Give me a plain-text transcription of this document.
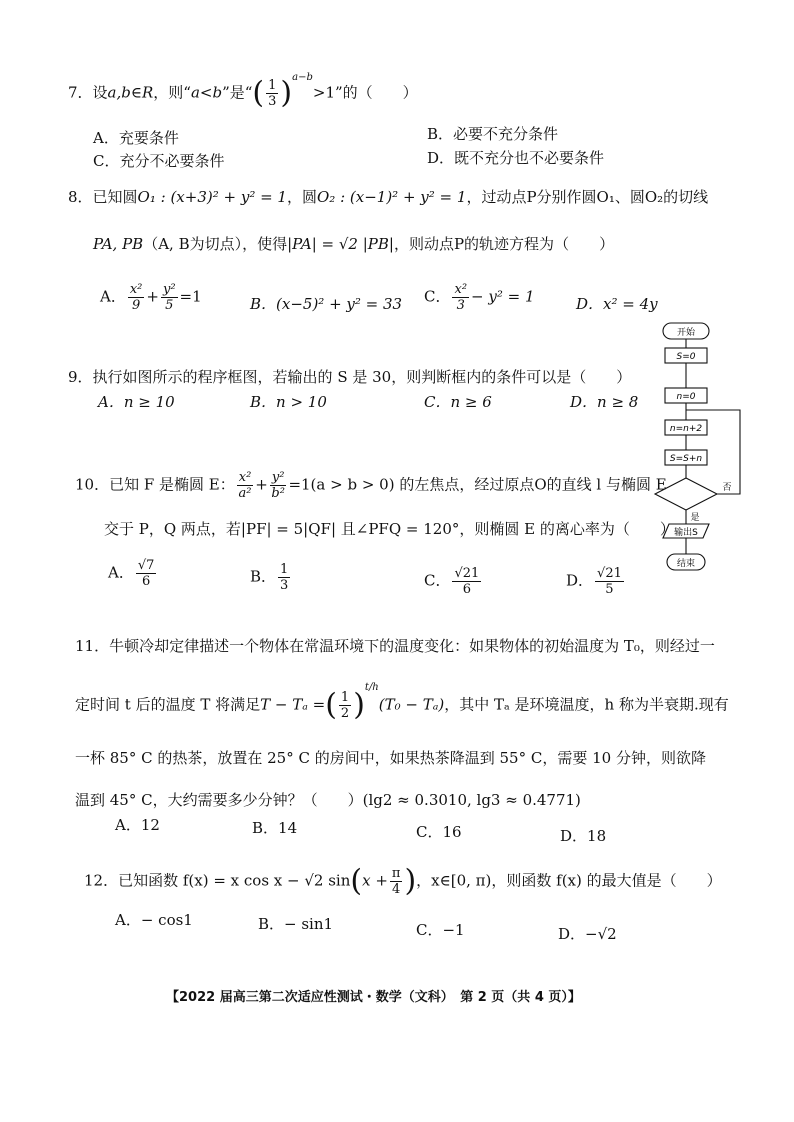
7．设a,b∈R，则“a<b”是“( $\frac{1}{3} )^{a-b}>1$”的（　　）
A．充要条件	B．必要不充分条件
C．充分不必要条件	D．既不充分也不必要条件
8．已知圆O₁ : (x+3)² + y² = 1，圆O₂ : (x−1)² + y² = 1，过动点P分别作圆O₁、圆O₂的切线
PA, PB（A, B为切点），使得|PA| = √2 |PB|，则动点P的轨迹方程为（　　）
A． $\frac{\text{x²}}{9} + \frac{\text{y²}}{5} =1$	B．(x−5)² + y² = 33 C． $\frac{\text{x²}}{3} - y^2 = 1$	D．x² = 4y
9．执行如图所示的程序框图，若输出的 S 是 30，则判断框内的条件可以是（　　）
A．n ≥ 10	B．n > 10	C．n ≥ 6	D．n ≥ 8
开始
S=0
n=0
n=n+2
S=S+n
否
是
输出S
结束
10．已知 F 是椭圆 E： $\frac{\text{x²}}{\text{a²}} + \frac{\text{y²}}{\text{b²}} =1(a > b > 0)$ 的左焦点，经过原点O的直线 l 与椭圆 E
交于 P，Q 两点，若|PF| = 5|QF| 且∠PFQ = 120°，则椭圆 E 的离心率为（　　）
A． $\frac{√7}{6}$	B． $\frac{1}{3}$	C． $\frac{√21}{6}$	D． $\frac{√21}{5}$
11．牛顿冷却定律描述一个物体在常温环境下的温度变化：如果物体的初始温度为 T₀，则经过一
定时间 t 后的温度 T 将满足T − Tₐ =( $\frac{1}{2} )^{t/h}(T_0 - T_a)$，其中 Tₐ 是环境温度，h 称为半衰期.现有
一杯 85° C 的热茶，放置在 25° C 的房间中，如果热茶降温到 55° C，需要 10 分钟，则欲降
温到 45° C，大约需要多少分钟？（　　）(lg2 ≈ 0.3010, lg3 ≈ 0.4771)
A．12	B．14	C．16	D．18
12．已知函数 f(x) = x cos x − √2 $\sin(x + \frac{\pi}{4}$ )，x∈[0, π)，则函数 f(x) 的最大值是（　　）
A．− cos1	B．− sin1	C．−1	D．−√2
【2022 届高三第二次适应性测试・数学（文科）　第 2 页（共 4 页）】
